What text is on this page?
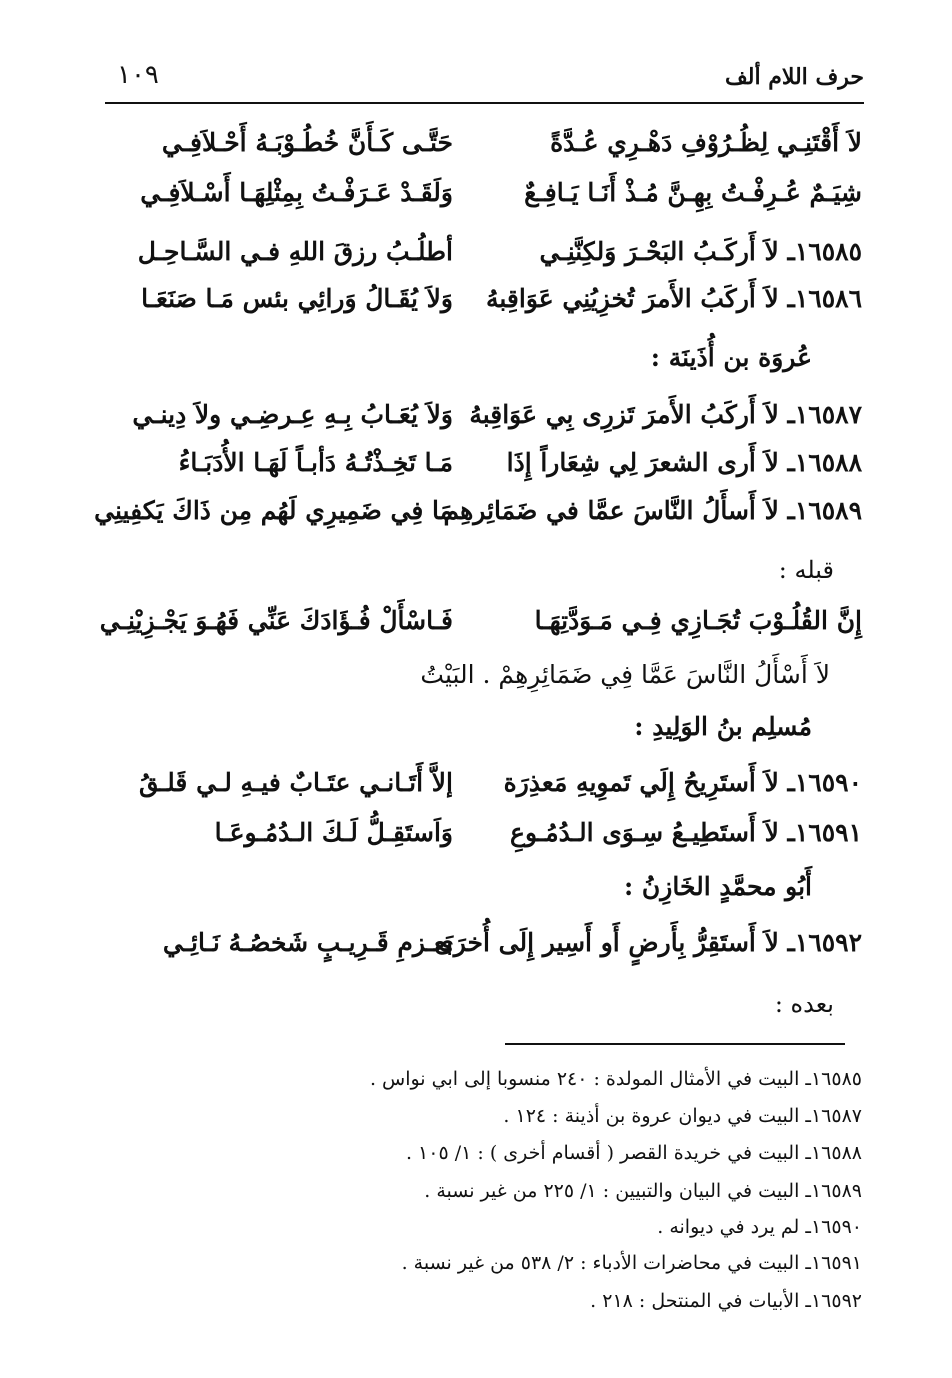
حرف اللام ألف
١٠٩
لاَ أَقْتَنِـي لِظُـرُوْفِ دَهْـرِي عُـدَّةً
حَتَّـى كَـأَنَّ خُطُـوْبَـهُ أَحْـلاَفِـي
شِيَـمٌ عُـرِفْـتُ بِهِـنَّ مُـذْ أَنَـا يَـافِـعٌ
وَلَقَـدْ عَـرَفْـتُ بِمِثْلِهَـا أَسْـلاَفِـي
١٦٥٨٥ـ لاَ أَركَـبُ البَحْـرَ وَلكِنَّنِـي
أطلُـبُ رزقَ اللهِ فـي السَّـاحِـل
١٦٥٨٦ـ لاَ أَركَبُ الأَمرَ تُخزِيُنِي عَوَاقِبهُ
وَلاَ يُقَـالُ وَرائِي بئس مَـا صَنَعَـا
عُروَة بن أُذَينَة :
١٦٥٨٧ـ لاَ أَركَبُ الأَمرَ تَزرِى بِي عَوَاقِبهُ
وَلاَ يُعَـابُ بِـهِ عِـرضِـي ولاَ دِينـي
١٦٥٨٨ـ لاَ أَرى الشعرَ لِي شِعَاراً إِذَا
مَـا تَخِـذْتُـهُ دَأبـاً لَهَـا الأُدَبَـاءُ
١٦٥٨٩ـ لاَ أَسأَلُ النَّاسَ عمَّا في ضَمَائِرهِم
مَا فِي ضَمِيرِي لَهُم مِن ذَاكَ يَكفِينِي
قبله :
إِنَّ القُلُـوْبَ تُجَـازِي فِـي مَـوَدَّتِهَـا
فَـاسْأَلْ فُـؤَادَكَ عَنِّي فَهُـوَ يَجْـزِيْنِـي
لاَ أَسْأَلُ النَّاسَ عَمَّا فِي ضَمَائِرِهِمْ . البَيْتُ
مُسلِم بنُ الوَلِيدِ :
١٦٥٩٠ـ لاَ أَستَرِيحُ إِلَي تَموِيهِ مَعذِرَة
إلاَّ أَتَـانـي عتَـابٌ فيـهِ لـي قَلـقُ
١٦٥٩١ـ لاَ أَستَطِيـعُ سِـوَى الـدُمُـوعِ
وَاَستَقِـلُّ لَـكَ الـدُمُـوعَـا
أَبُو محمَّدٍ الخَازِنُ :
١٦٥٩٢ـ لاَ أَستَقِرُّ بِأَرضٍ أَو أَسِير إِلَى أُخرَى
بَعـزمِ قَـرِيـبٍ شَخصُـهُ نَـائِـي
بعده :
١٦٥٨٥ـ البيت في الأمثال المولدة : ٢٤٠ منسوبا إلى ابي نواس .
١٦٥٨٧ـ البيت في ديوان عروة بن أذينة : ١٢٤ .
١٦٥٨٨ـ البيت في خريدة القصر ( أقسام أخرى ) : ١/ ١٠٥ .
١٦٥٨٩ـ البيت في البيان والتبيين : ١/ ٢٢٥ من غير نسبة .
١٦٥٩٠ـ لم يرد في ديوانه .
١٦٥٩١ـ البيت في محاضرات الأدباء : ٢/ ٥٣٨ من غير نسبة .
١٦٥٩٢ـ الأبيات في المنتحل : ٢١٨ .
